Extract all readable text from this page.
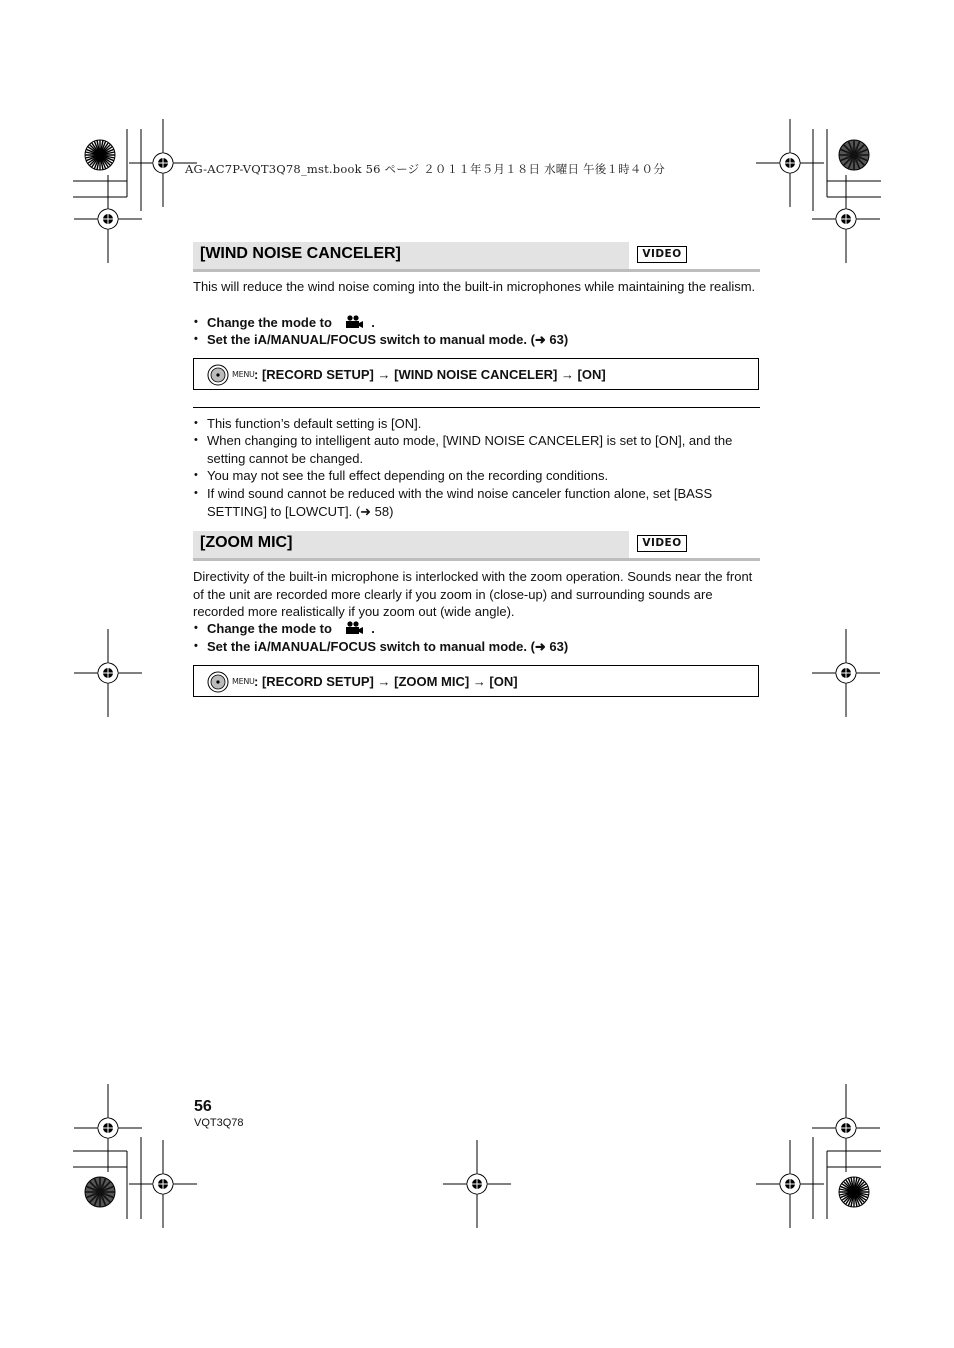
AG-AC7P-VQT3Q78_mst.book 56 ページ ２０１１年５月１８日 水曜日 午後１時４０分
[WIND NOISE CANCELER]	VIDEO
This will reduce the wind noise coming into the built-in microphones while maintaining the realism.
• Change the mode to	.
• Set the iA/MANUAL/FOCUS switch to manual mode. (➜ 63)
MENU : [RECORD SETUP] → [WIND NOISE CANCELER] → [ON]
• This function’s default setting is [ON].
• When changing to intelligent auto mode, [WIND NOISE CANCELER] is set to [ON], and the setting cannot be changed.
• You may not see the full effect depending on the recording conditions.
• If wind sound cannot be reduced with the wind noise canceler function alone, set [BASS SETTING] to [LOWCUT]. (➜ 58)
[ZOOM MIC]	VIDEO
Directivity of the built-in microphone is interlocked with the zoom operation. Sounds near the front of the unit are recorded more clearly if you zoom in (close-up) and surrounding sounds are recorded more realistically if you zoom out (wide angle).
• Change the mode to	.
• Set the iA/MANUAL/FOCUS switch to manual mode. (➜ 63)
MENU : [RECORD SETUP] → [ZOOM MIC] → [ON]
56
VQT3Q78
